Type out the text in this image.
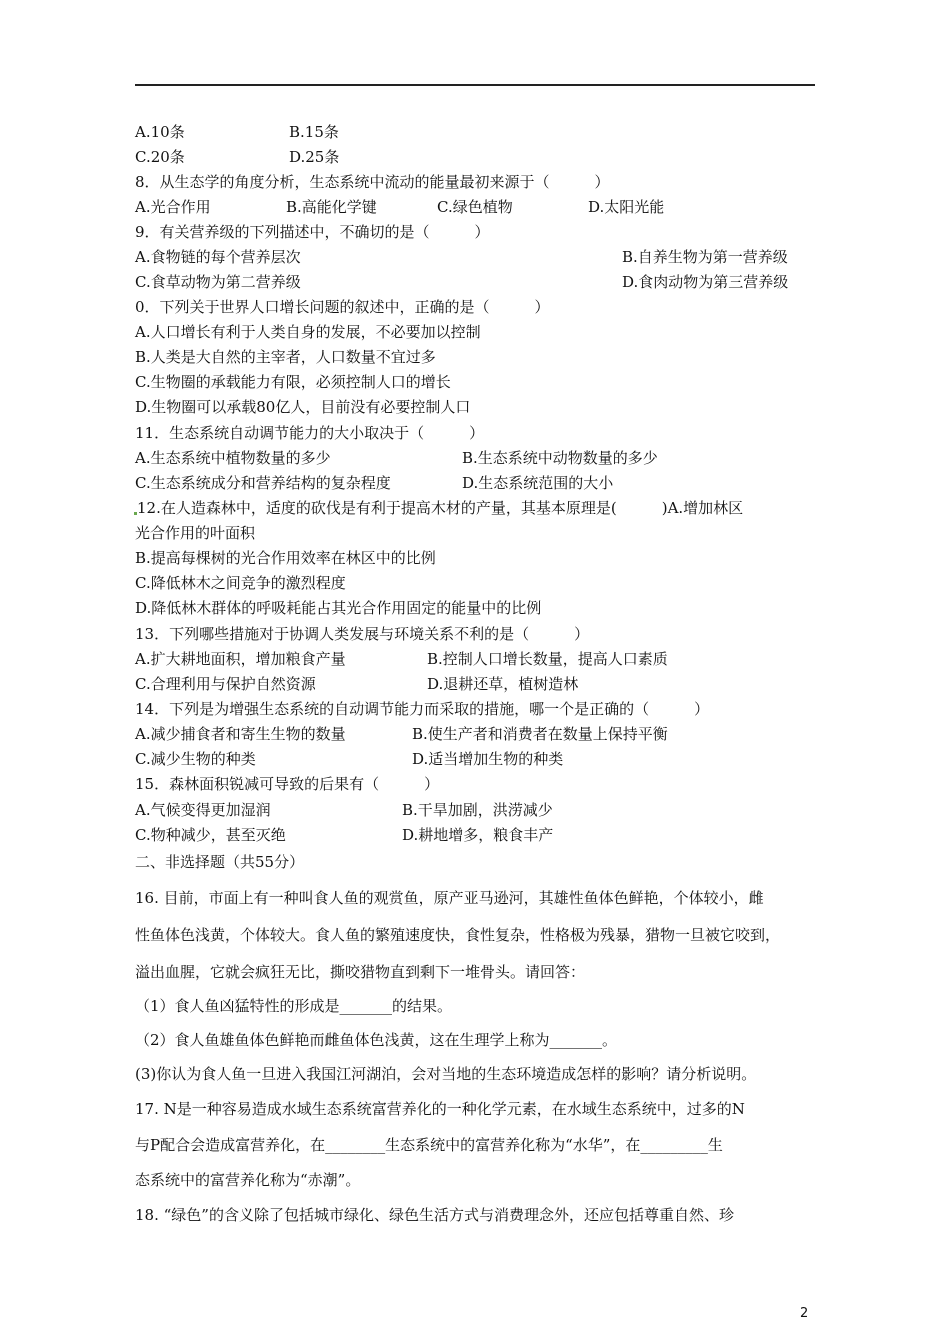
A.10条	B.15条
C.20条	D.25条
8．从生态学的角度分析，生态系统中流动的能量最初来源于（　　　）
A.光合作用	B.高能化学键	C.绿色植物	D.太阳光能
9．有关营养级的下列描述中，不确切的是（　　　）
A.食物链的每个营养层次	B.自养生物为第一营养级
C.食草动物为第二营养级	D.食肉动物为第三营养级
0．下列关于世界人口增长问题的叙述中，正确的是（　　　）
A.人口增长有利于人类自身的发展，不必要加以控制
B.人类是大自然的主宰者，人口数量不宜过多
C.生物圈的承载能力有限，必须控制人口的增长
D.生物圈可以承载80亿人，目前没有必要控制人口
11．生态系统自动调节能力的大小取决于（　　　）
A.生态系统中植物数量的多少	B.生态系统中动物数量的多少
C.生态系统成分和营养结构的复杂程度	D.生态系统范围的大小
12.在人造森林中，适度的砍伐是有利于提高木材的产量，其基本原理是(　　　)A.增加林区
光合作用的叶面积
B.提高每棵树的光合作用效率在林区中的比例
C.降低林木之间竞争的激烈程度
D.降低林木群体的呼吸耗能占其光合作用固定的能量中的比例
13．下列哪些措施对于协调人类发展与环境关系不利的是（　　　）
A.扩大耕地面积，增加粮食产量	B.控制人口增长数量，提高人口素质
C.合理利用与保护自然资源	D.退耕还草，植树造林
14．下列是为增强生态系统的自动调节能力而采取的措施，哪一个是正确的（　　　）
A.减少捕食者和寄生生物的数量	B.使生产者和消费者在数量上保持平衡
C.减少生物的种类	D.适当增加生物的种类
15．森林面积锐减可导致的后果有（　　　）
A.气候变得更加湿润	B.干旱加剧，洪涝减少
C.物种减少，甚至灭绝	D.耕地增多，粮食丰产
二、非选择题（共55分）
16. 目前，市面上有一种叫食人鱼的观赏鱼，原产亚马逊河，其雄性鱼体色鲜艳，个体较小，雌
性鱼体色浅黄，个体较大。食人鱼的繁殖速度快，食性复杂，性格极为残暴，猎物一旦被它咬到，
溢出血腥，它就会疯狂无比，撕咬猎物直到剩下一堆骨头。请回答：
（1）食人鱼凶猛特性的形成是_______的结果。
（2）食人鱼雄鱼体色鲜艳而雌鱼体色浅黄，这在生理学上称为_______。
(3)你认为食人鱼一旦进入我国江河湖泊，会对当地的生态环境造成怎样的影响？请分析说明。
17. N是一种容易造成水域生态系统富营养化的一种化学元素，在水域生态系统中，过多的N
与P配合会造成富营养化，在________生态系统中的富营养化称为“水华”，在_________生
态系统中的富营养化称为“赤潮”。
18. “绿色”的含义除了包括城市绿化、绿色生活方式与消费理念外，还应包括尊重自然、珍
2
